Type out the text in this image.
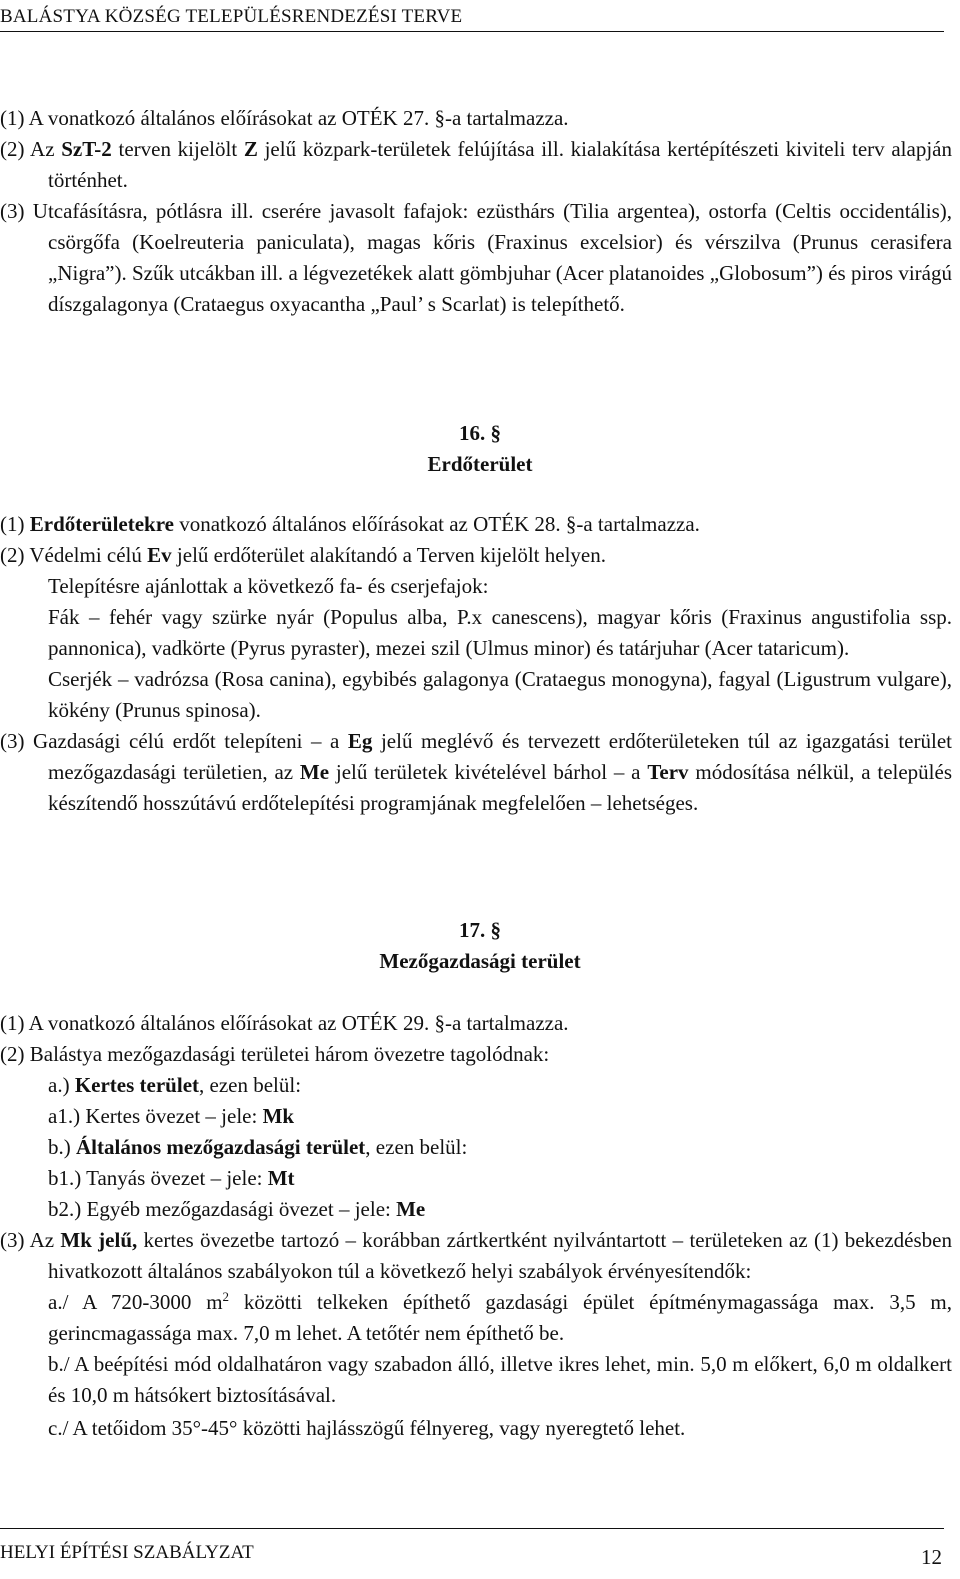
BALÁSTYA KÖZSÉG TELEPÜLÉSRENDEZÉSI TERVE

(1) A vonatkozó általános előírásokat az OTÉK 27. §-a tartalmazza.

(2) Az SzT-2 terven kijelölt Z jelű közpark-területek felújítása ill. kialakítása kertépítészeti kiviteli terv alapján történhet.

(3) Utcafásításra, pótlásra ill. cserére javasolt fafajok: ezüsthárs (Tilia argentea), ostorfa (Celtis occidentális), csörgőfa (Koelreuteria paniculata), magas kőris (Fraxinus excelsior) és vérszilva (Prunus cerasifera „Nigra”). Szűk utcákban ill. a légvezetékek alatt gömbjuhar (Acer platanoides „Globosum”) és piros virágú díszgalagonya (Crataegus oxyacantha „Paul’ s Scarlat) is telepíthető.

16. §
Erdőterület

(1) Erdőterületekre vonatkozó általános előírásokat az OTÉK 28. §-a tartalmazza.

(2) Védelmi célú Ev jelű erdőterület alakítandó a Terven kijelölt helyen.

Telepítésre ajánlottak a következő fa- és cserjefajok:

Fák – fehér vagy szürke nyár (Populus alba, P.x canescens), magyar kőris (Fraxinus angustifolia ssp. pannonica), vadkörte (Pyrus pyraster), mezei szil (Ulmus minor) és tatárjuhar (Acer tataricum).

Cserjék – vadrózsa (Rosa canina), egybibés galagonya (Crataegus monogyna), fagyal (Ligustrum vulgare), kökény (Prunus spinosa).

(3) Gazdasági célú erdőt telepíteni – a Eg jelű meglévő és tervezett erdőterületeken túl az igazgatási terület mezőgazdasági területien, az Me jelű területek kivételével bárhol – a Terv módosítása nélkül, a település készítendő hosszútávú erdőtelepítési programjának megfelelően – lehetséges.

17. §
Mezőgazdasági terület

(1) A vonatkozó általános előírásokat az OTÉK 29. §-a tartalmazza.

(2) Balástya mezőgazdasági területei három övezetre tagolódnak:

a.) Kertes terület, ezen belül:

a1.) Kertes övezet – jele: Mk

b.) Általános mezőgazdasági terület, ezen belül:

b1.) Tanyás övezet – jele: Mt

b2.) Egyéb mezőgazdasági övezet – jele: Me

(3) Az Mk jelű, kertes övezetbe tartozó – korábban zártkertként nyilvántartott – területeken az (1) bekezdésben hivatkozott általános szabályokon túl a következő helyi szabályok érvényesítendők:

a./ A 720-3000 $m^2$ közötti telkeken építhető gazdasági épület építménymagassága max. 3,5 m, gerincmagassága max. 7,0 m lehet. A tetőtér nem építhető be.

b./ A beépítési mód oldalhatáron vagy szabadon álló, illetve ikres lehet, min. 5,0 m előkert, 6,0 m oldalkert és 10,0 m hátsókert biztosításával.

c./ A tetőidom 35°-45° közötti hajlásszögű félnyereg, vagy nyeregtető lehet.

HELYI ÉPÍTÉSI SZABÁLYZAT	12
